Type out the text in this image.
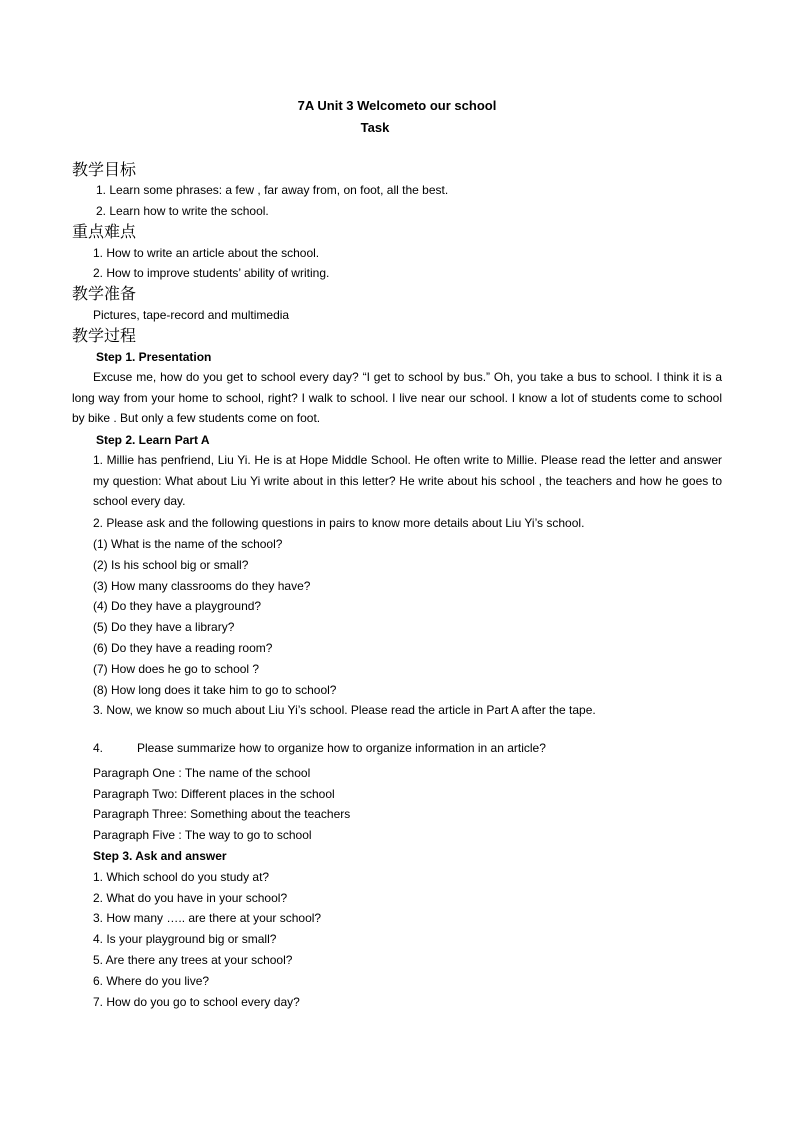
7A Unit 3 Welcometo our school
Task
教学目标
1. Learn some phrases: a few , far away from, on foot, all the best.
2. Learn how to write the school.
重点难点
1. How to write an article about the school.
2. How to improve students’ ability of writing.
教学准备
Pictures, tape-record and multimedia
教学过程
Step 1. Presentation
Excuse me, how do you get to school every day? “I get to school by bus.” Oh, you take a bus to school. I think it is a long way from your home to school, right? I walk to school. I live near our school. I know a lot of students come to school by bike . But only a few students come on foot.
Step 2. Learn Part A
1. Millie has penfriend, Liu Yi. He is at Hope Middle School. He often write to Millie. Please read the letter and answer my question: What about Liu Yi write about in this letter? He write about his school , the teachers and how he goes to school every day.
2. Please ask and the following questions in pairs to know more details about Liu Yi’s school.
(1) What is the name of the school?
(2) Is his school big or small?
(3) How many classrooms do they have?
(4) Do they have a playground?
(5) Do they have a library?
(6) Do they have a reading room?
(7) How does he go to school ?
(8) How long does it take him to go to school?
3. Now, we know so much about Liu Yi’s school. Please read the article in Part A after the tape.
4.	Please summarize how to organize how to organize information in an article?
Paragraph One : The name of the school
Paragraph Two: Different places in the school
Paragraph Three: Something about the teachers
Paragraph Five : The way to go to school
Step 3. Ask and answer
1. Which school do you study at?
2. What do you have in your school?
3. How many ….. are there at your school?
4. Is your playground big or small?
5. Are there any trees at your school?
6. Where do you live?
7. How do you go to school every day?
